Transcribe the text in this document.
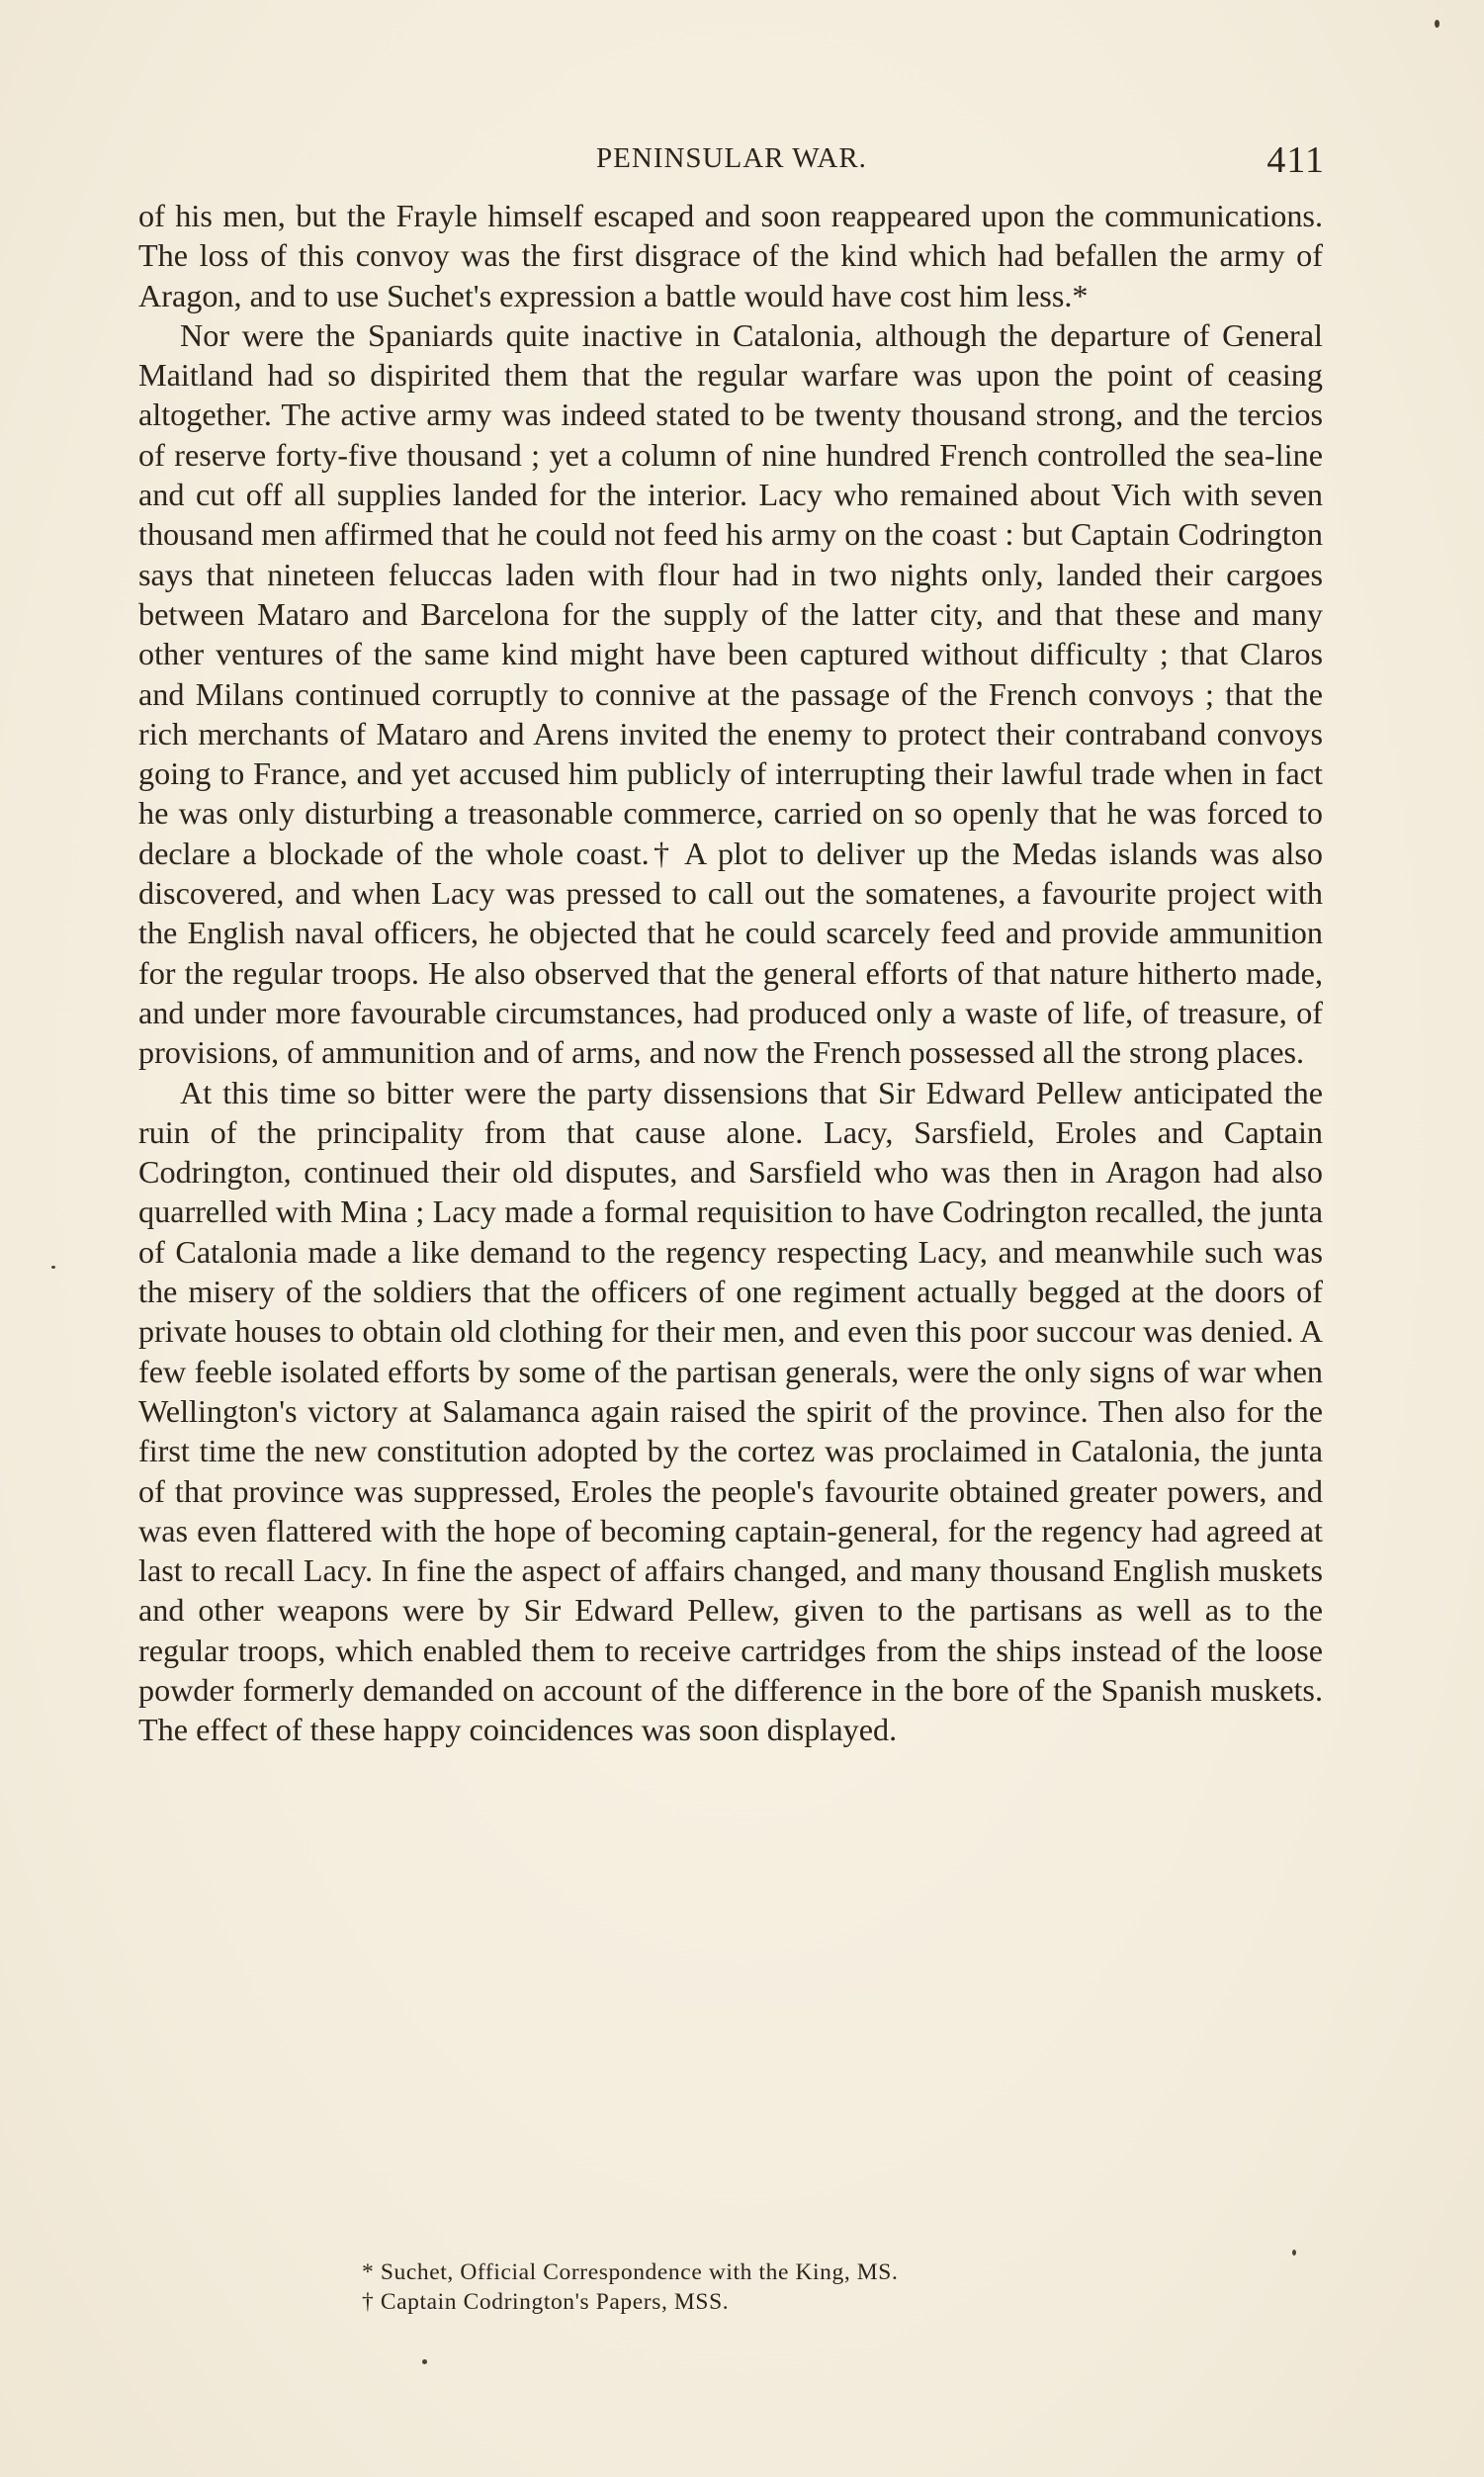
PENINSULAR WAR.	411

of his men, but the Frayle himself escaped and soon reappeared upon the communications. The loss of this convoy was the first disgrace of the kind which had befallen the army of Aragon, and to use Suchet's expression a battle would have cost him less.*

Nor were the Spaniards quite inactive in Catalonia, although the departure of General Maitland had so dispirited them that the regular warfare was upon the point of ceasing altogether. The active army was indeed stated to be twenty thousand strong, and the tercios of reserve forty-five thousand ; yet a column of nine hundred French controlled the sea-line and cut off all supplies landed for the interior. Lacy who remained about Vich with seven thousand men affirmed that he could not feed his army on the coast : but Captain Codrington says that nineteen feluccas laden with flour had in two nights only, landed their cargoes between Mataro and Barcelona for the supply of the latter city, and that these and many other ventures of the same kind might have been captured without difficulty ; that Claros and Milans continued corruptly to connive at the passage of the French convoys ; that the rich merchants of Mataro and Arens invited the enemy to protect their contraband convoys going to France, and yet accused him publicly of interrupting their lawful trade when in fact he was only disturbing a treasonable commerce, carried on so openly that he was forced to declare a blockade of the whole coast.† A plot to deliver up the Medas islands was also discovered, and when Lacy was pressed to call out the somatenes, a favourite project with the English naval officers, he objected that he could scarcely feed and provide ammunition for the regular troops. He also observed that the general efforts of that nature hitherto made, and under more favourable circumstances, had produced only a waste of life, of treasure, of provisions, of ammunition and of arms, and now the French possessed all the strong places.

At this time so bitter were the party dissensions that Sir Edward Pellew anticipated the ruin of the principality from that cause alone. Lacy, Sarsfield, Eroles and Captain Codrington, continued their old disputes, and Sarsfield who was then in Aragon had also quarrelled with Mina ; Lacy made a formal requisition to have Codrington recalled, the junta of Catalonia made a like demand to the regency respecting Lacy, and meanwhile such was the misery of the soldiers that the officers of one regiment actually begged at the doors of private houses to obtain old clothing for their men, and even this poor succour was denied. A few feeble isolated efforts by some of the partisan generals, were the only signs of war when Wellington's victory at Salamanca again raised the spirit of the province. Then also for the first time the new constitution adopted by the cortez was proclaimed in Catalonia, the junta of that province was suppressed, Eroles the people's favourite obtained greater powers, and was even flattered with the hope of becoming captain-general, for the regency had agreed at last to recall Lacy. In fine the aspect of affairs changed, and many thousand English muskets and other weapons were by Sir Edward Pellew, given to the partisans as well as to the regular troops, which enabled them to receive cartridges from the ships instead of the loose powder formerly demanded on account of the difference in the bore of the Spanish muskets. The effect of these happy coincidences was soon displayed.

* Suchet, Official Correspondence with the King, MS.
† Captain Codrington's Papers, MSS.
